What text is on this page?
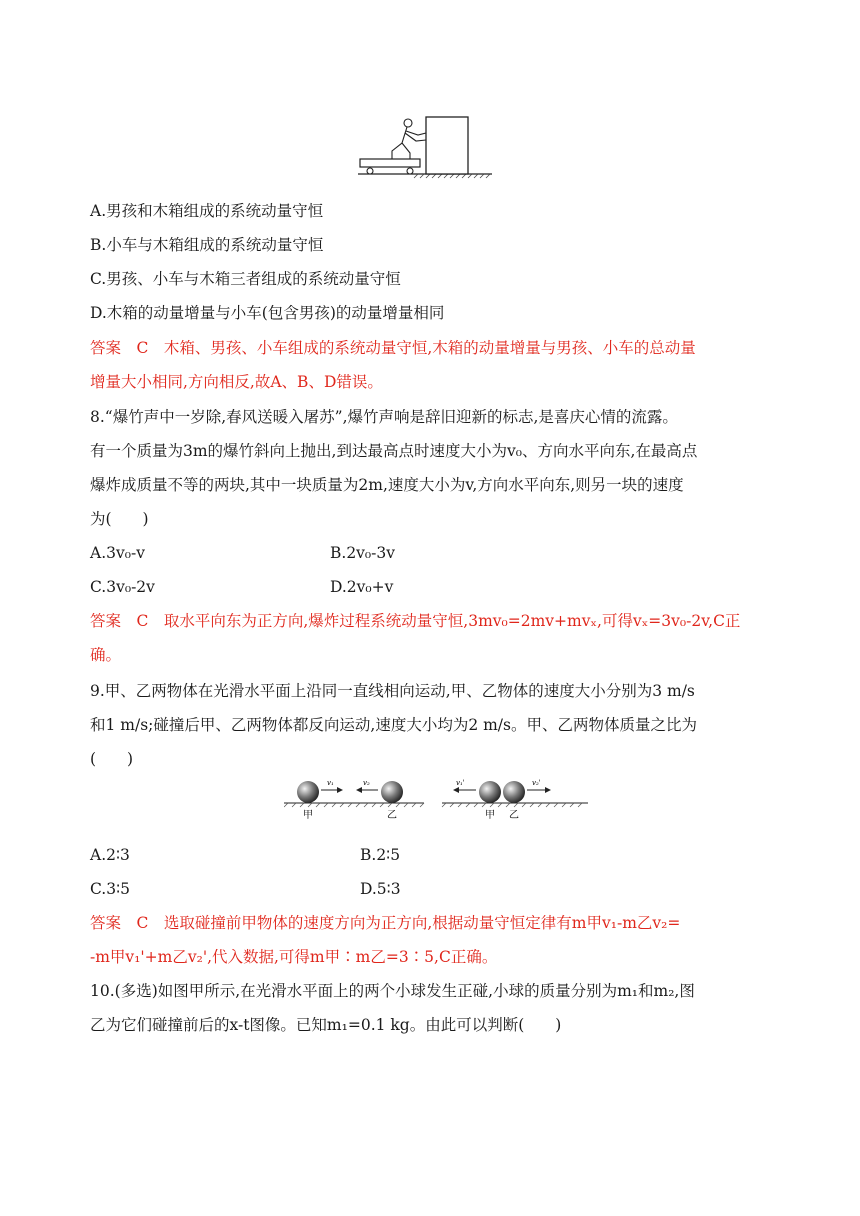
A.男孩和木箱组成的系统动量守恒
B.小车与木箱组成的系统动量守恒
C.男孩、小车与木箱三者组成的系统动量守恒
D.木箱的动量增量与小车(包含男孩)的动量增量相同
答案　C　木箱、男孩、小车组成的系统动量守恒,木箱的动量增量与男孩、小车的总动量
增量大小相同,方向相反,故A、B、D错误。
8.“爆竹声中一岁除,春风送暖入屠苏”,爆竹声响是辞旧迎新的标志,是喜庆心情的流露。
有一个质量为3m的爆竹斜向上抛出,到达最高点时速度大小为v₀、方向水平向东,在最高点
爆炸成质量不等的两块,其中一块质量为2m,速度大小为v,方向水平向东,则另一块的速度
为(　　)
A.3v₀-v	B.2v₀-3v
C.3v₀-2v	D.2v₀+v
答案　C　取水平向东为正方向,爆炸过程系统动量守恒,3mv₀=2mv+mvₓ,可得vₓ=3v₀-2v,C正
确。
9.甲、乙两物体在光滑水平面上沿同一直线相向运动,甲、乙物体的速度大小分别为3 m/s
和1 m/s;碰撞后甲、乙两物体都反向运动,速度大小均为2 m/s。甲、乙两物体质量之比为
(　　)
v₁	v₂
甲	乙
v₁'	v₂'
甲 乙
A.2∶3	B.2∶5
C.3∶5	D.5∶3
答案　C　选取碰撞前甲物体的速度方向为正方向,根据动量守恒定律有m甲v₁-m乙v₂=
-m甲v₁'+m乙v₂',代入数据,可得m甲∶m乙=3∶5,C正确。
10.(多选)如图甲所示,在光滑水平面上的两个小球发生正碰,小球的质量分别为m₁和m₂,图
乙为它们碰撞前后的x-t图像。已知m₁=0.1 kg。由此可以判断(　　)
